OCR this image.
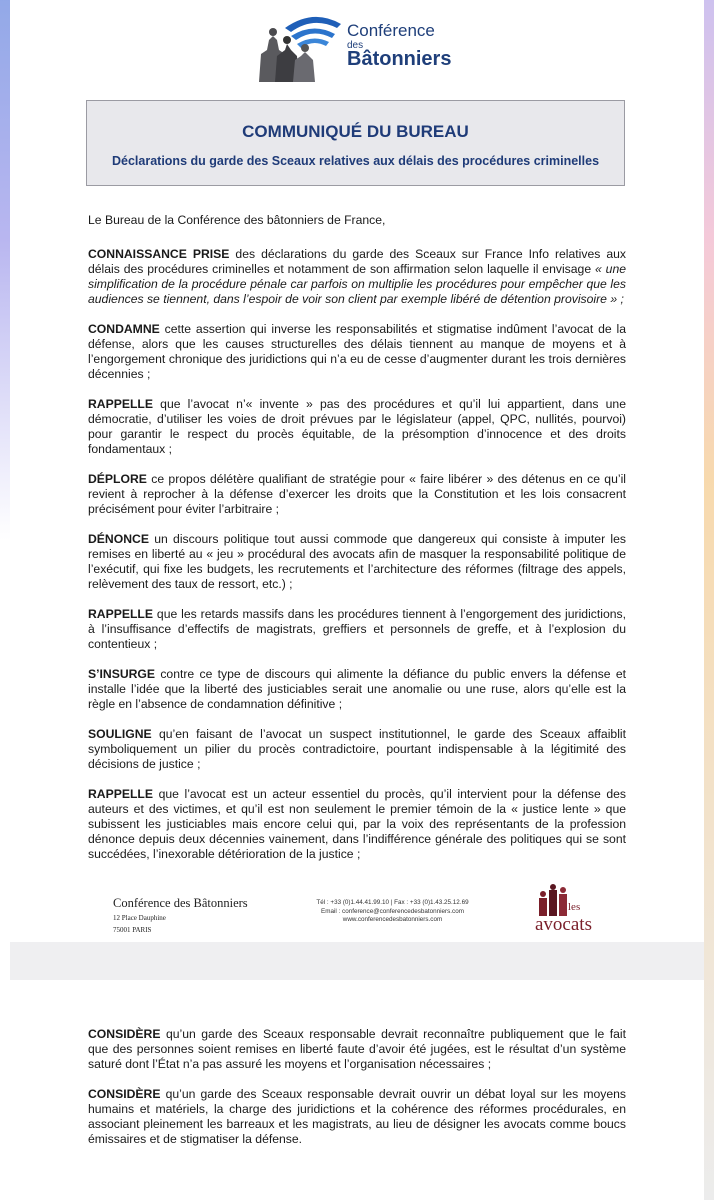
Conférence
des
Bâtonniers
COMMUNIQUÉ DU BUREAU
Déclarations du garde des Sceaux relatives aux délais des procédures criminelles

Le Bureau de la Conférence des bâtonniers de France,

CONNAISSANCE PRISE des déclarations du garde des Sceaux sur France Info relatives aux délais des procédures criminelles et notamment de son affirmation selon laquelle il envisage « une simplification de la procédure pénale car parfois on multiplie les procédures pour empêcher que les audiences se tiennent, dans l’espoir de voir son client par exemple libéré de détention provisoire » ;

CONDAMNE cette assertion qui inverse les responsabilités et stigmatise indûment l’avocat de la défense, alors que les causes structurelles des délais tiennent au manque de moyens et à l’engorgement chronique des juridictions qui n’a eu de cesse d’augmenter durant les trois dernières décennies ;

RAPPELLE que l’avocat n’« invente » pas des procédures et qu’il lui appartient, dans une démocratie, d’utiliser les voies de droit prévues par le législateur (appel, QPC, nullités, pourvoi) pour garantir le respect du procès équitable, de la présomption d’innocence et des droits fondamentaux ;

DÉPLORE ce propos délétère qualifiant de stratégie pour « faire libérer » des détenus en ce qu’il revient à reprocher à la défense d’exercer les droits que la Constitution et les lois consacrent précisément pour éviter l’arbitraire ;

DÉNONCE un discours politique tout aussi commode que dangereux qui consiste à imputer les remises en liberté au « jeu » procédural des avocats afin de masquer la responsabilité politique de l’exécutif, qui fixe les budgets, les recrutements et l’architecture des réformes (filtrage des appels, relèvement des taux de ressort, etc.) ;

RAPPELLE que les retards massifs dans les procédures tiennent à l’engorgement des juridictions, à l’insuffisance d’effectifs de magistrats, greffiers et personnels de greffe, et à l’explosion du contentieux ;

S’INSURGE contre ce type de discours qui alimente la défiance du public envers la défense et installe l’idée que la liberté des justiciables serait une anomalie ou une ruse, alors qu’elle est la règle en l’absence de condamnation définitive ;

SOULIGNE qu’en faisant de l’avocat un suspect institutionnel, le garde des Sceaux affaiblit symboliquement un pilier du procès contradictoire, pourtant indispensable à la légitimité des décisions de justice ;

RAPPELLE que l’avocat est un acteur essentiel du procès, qu’il intervient pour la défense des auteurs et des victimes, et qu’il est non seulement le premier témoin de la « justice lente » que subissent les justiciables mais encore celui qui, par la voix des représentants de la profession dénonce depuis deux décennies vainement, dans l’indifférence générale des politiques qui se sont succédées, l’inexorable détérioration de la justice ;

Conférence des Bâtonniers
12 Place Dauphine
75001 PARIS
Tél : +33 (0)1.44.41.99.10 | Fax : +33 (0)1.43.25.12.69
Email : conference@conferencedesbatonniers.com
www.conferencedesbatonniers.com
les
avocats

CONSIDÈRE qu’un garde des Sceaux responsable devrait reconnaître publiquement que le fait que des personnes soient remises en liberté faute d’avoir été jugées, est le résultat d’un système saturé dont l’État n’a pas assuré les moyens et l’organisation nécessaires ;

CONSIDÈRE qu’un garde des Sceaux responsable devrait ouvrir un débat loyal sur les moyens humains et matériels, la charge des juridictions et la cohérence des réformes procédurales, en associant pleinement les barreaux et les magistrats, au lieu de désigner les avocats comme boucs émissaires et de stigmatiser la défense.
